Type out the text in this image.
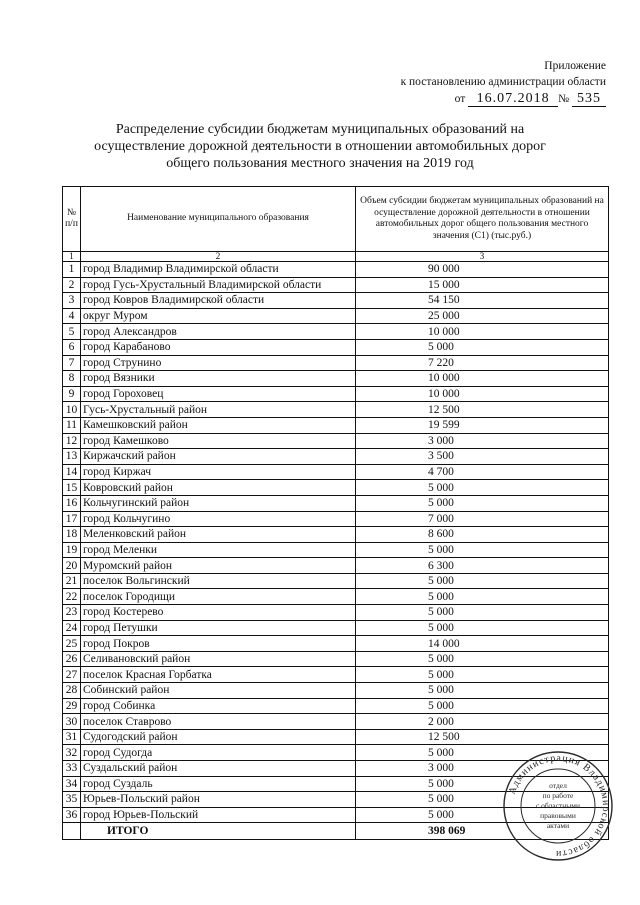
Приложение
к постановлению администрации области
от 16.07.2018 № 535
Распределение субсидии бюджетам муниципальных образований на
осуществление дорожной деятельности в отношении автомобильных дорог
общего пользования местного значения на 2019 год
№ п/п	Наименование муниципального образования	Объем субсидии бюджетам муниципальных образований на осуществление дорожной деятельности в отношении автомобильных дорог общего пользования местного значения (С1) (тыс.руб.)
1	2	3
1	город Владимир Владимирской области	90 000
2	город Гусь-Хрустальный Владимирской области	15 000
3	город Ковров Владимирской области	54 150
4	округ Муром	25 000
5	город Александров	10 000
6	город Карабаново	5 000
7	город Струнино	7 220
8	город Вязники	10 000
9	город Гороховец	10 000
10	Гусь-Хрустальный район	12 500
11	Камешковский район	19 599
12	город Камешково	3 000
13	Киржачский район	3 500
14	город Киржач	4 700
15	Ковровский район	5 000
16	Кольчугинский район	5 000
17	город Кольчугино	7 000
18	Меленковский район	8 600
19	город Меленки	5 000
20	Муромский район	6 300
21	поселок Вольгинский	5 000
22	поселок Городищи	5 000
23	город Костерево	5 000
24	город Петушки	5 000
25	город Покров	14 000
26	Селивановский район	5 000
27	поселок Красная Горбатка	5 000
28	Собинский район	5 000
29	город Собинка	5 000
30	поселок Ставрово	2 000
31	Судогодский район	12 500
32	город Судогда	5 000
33	Суздальский район	3 000
34	город Суздаль	5 000
35	Юрьев-Польский район	5 000
36	город Юрьев-Польский	5 000
	ИТОГО	398 069
Администрация Владимирской области
отдел
по работе
с областными
правовыми
актами
